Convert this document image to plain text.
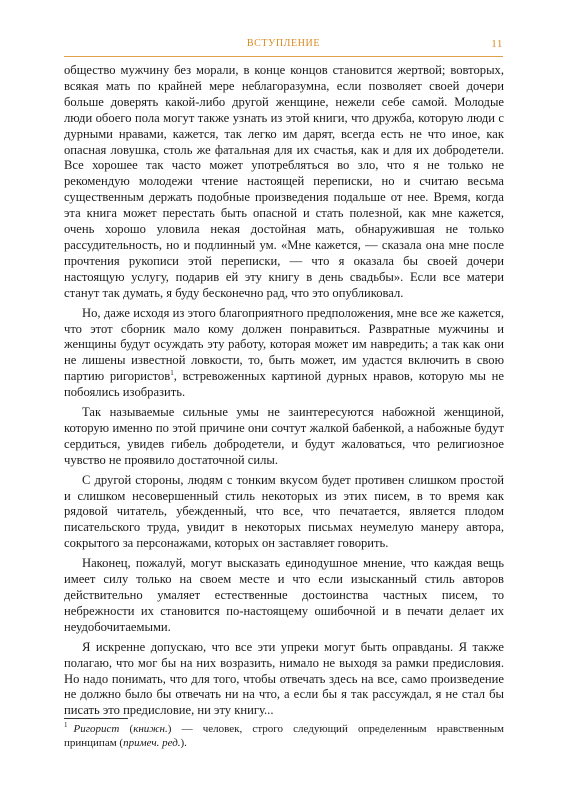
ВСТУПЛЕНИЕ	11

общество мужчину без морали, в конце концов становится жертвой; вовторых, всякая мать по крайней мере неблагоразумна, если позволяет своей дочери больше доверять какой-либо другой женщине, нежели себе самой. Молодые люди обоего пола могут также узнать из этой книги, что дружба, которую люди с дурными нравами, кажется, так легко им дарят, всегда есть не что иное, как опасная ловушка, столь же фатальная для их счастья, как и для их добродетели. Все хорошее так часто может употребляться во зло, что я не только не рекомендую молодежи чтение настоящей переписки, но и считаю весьма существенным держать подобные произведения подальше от нее. Время, когда эта книга может перестать быть опасной и стать полезной, как мне кажется, очень хорошо уловила некая достойная мать, обнаружившая не только рассудительность, но и подлинный ум. «Мне кажется, — сказала она мне после прочтения рукописи этой переписки, — что я оказала бы своей дочери настоящую услугу, подарив ей эту книгу в день свадьбы». Если все матери станут так думать, я буду бесконечно рад, что это опубликовал.

Но, даже исходя из этого благоприятного предположения, мне все же кажется, что этот сборник мало кому должен понравиться. Развратные мужчины и женщины будут осуждать эту работу, которая может им навредить; а так как они не лишены известной ловкости, то, быть может, им удастся включить в свою партию ригористов$^1$, встревоженных картиной дурных нравов, которую мы не побоялись изобразить.

Так называемые сильные умы не заинтересуются набожной женщиной, которую именно по этой причине они сочтут жалкой бабенкой, а набожные будут сердиться, увидев гибель добродетели, и будут жаловаться, что религиозное чувство не проявило достаточной силы.

С другой стороны, людям с тонким вкусом будет противен слишком простой и слишком несовершенный стиль некоторых из этих писем, в то время как рядовой читатель, убежденный, что все, что печатается, является плодом писательского труда, увидит в некоторых письмах неумелую манеру автора, сокрытого за персонажами, которых он заставляет говорить.

Наконец, пожалуй, могут высказать единодушное мнение, что каждая вещь имеет силу только на своем месте и что если изысканный стиль авторов действительно умаляет естественные достоинства частных писем, то небрежности их становится по-настоящему ошибочной и в печати делает их неудобочитаемыми.

Я искренне допускаю, что все эти упреки могут быть оправданы. Я также полагаю, что мог бы на них возразить, нимало не выходя за рамки предисловия. Но надо понимать, что для того, чтобы отвечать здесь на все, само произведение не должно было бы отвечать ни на что, а если бы я так рассуждал, я не стал бы писать это предисловие, ни эту книгу...

$^1$ Ригорист (книжн.) — человек, строго следующий определенным нравственным принципам (примеч. ред.).
